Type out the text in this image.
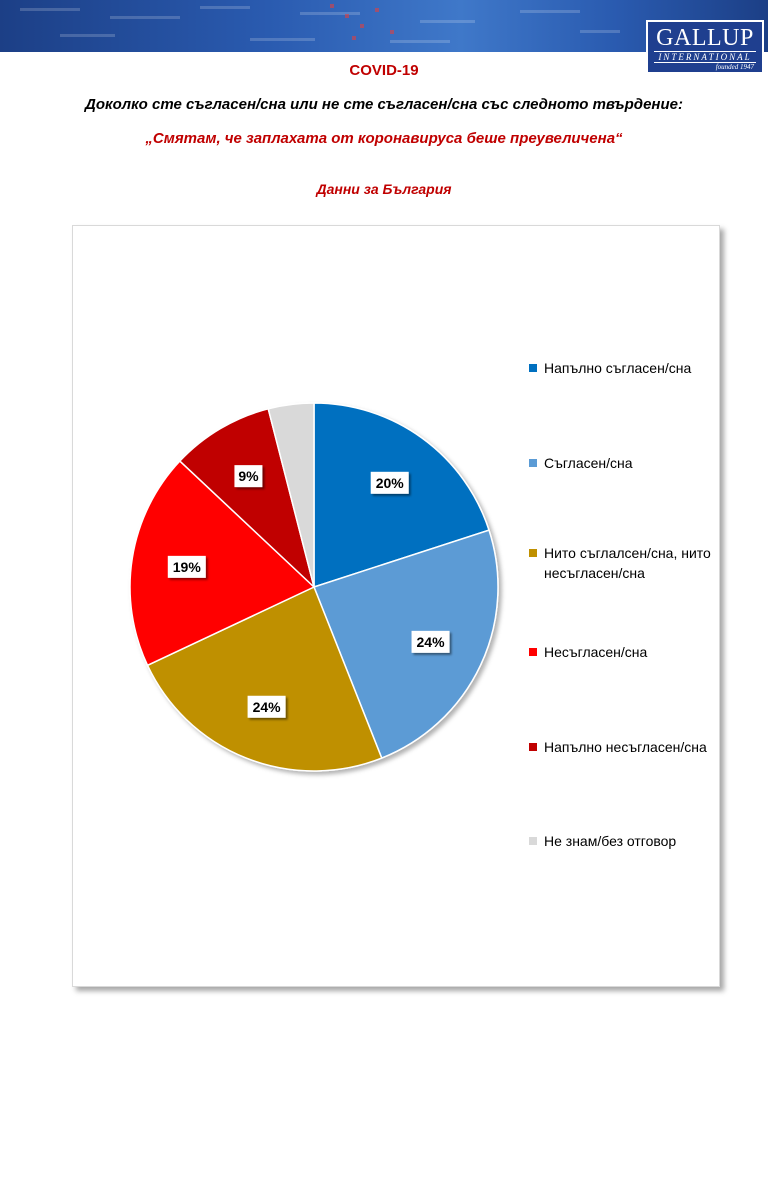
GALLUP
INTERNATIONAL
founded 1947
COVID-19
Доколко сте съгласен/сна или не сте съгласен/сна със следното твърдение:
„Смятам, че заплахата от коронавируса беше преувеличена“
Данни за България
20%
24%
24%
19%
9%
Напълно съгласен/сна
Съгласен/сна
Нито съглалсен/сна, нито несъгласен/сна
Несъгласен/сна
Напълно несъгласен/сна
Не знам/без отговор
